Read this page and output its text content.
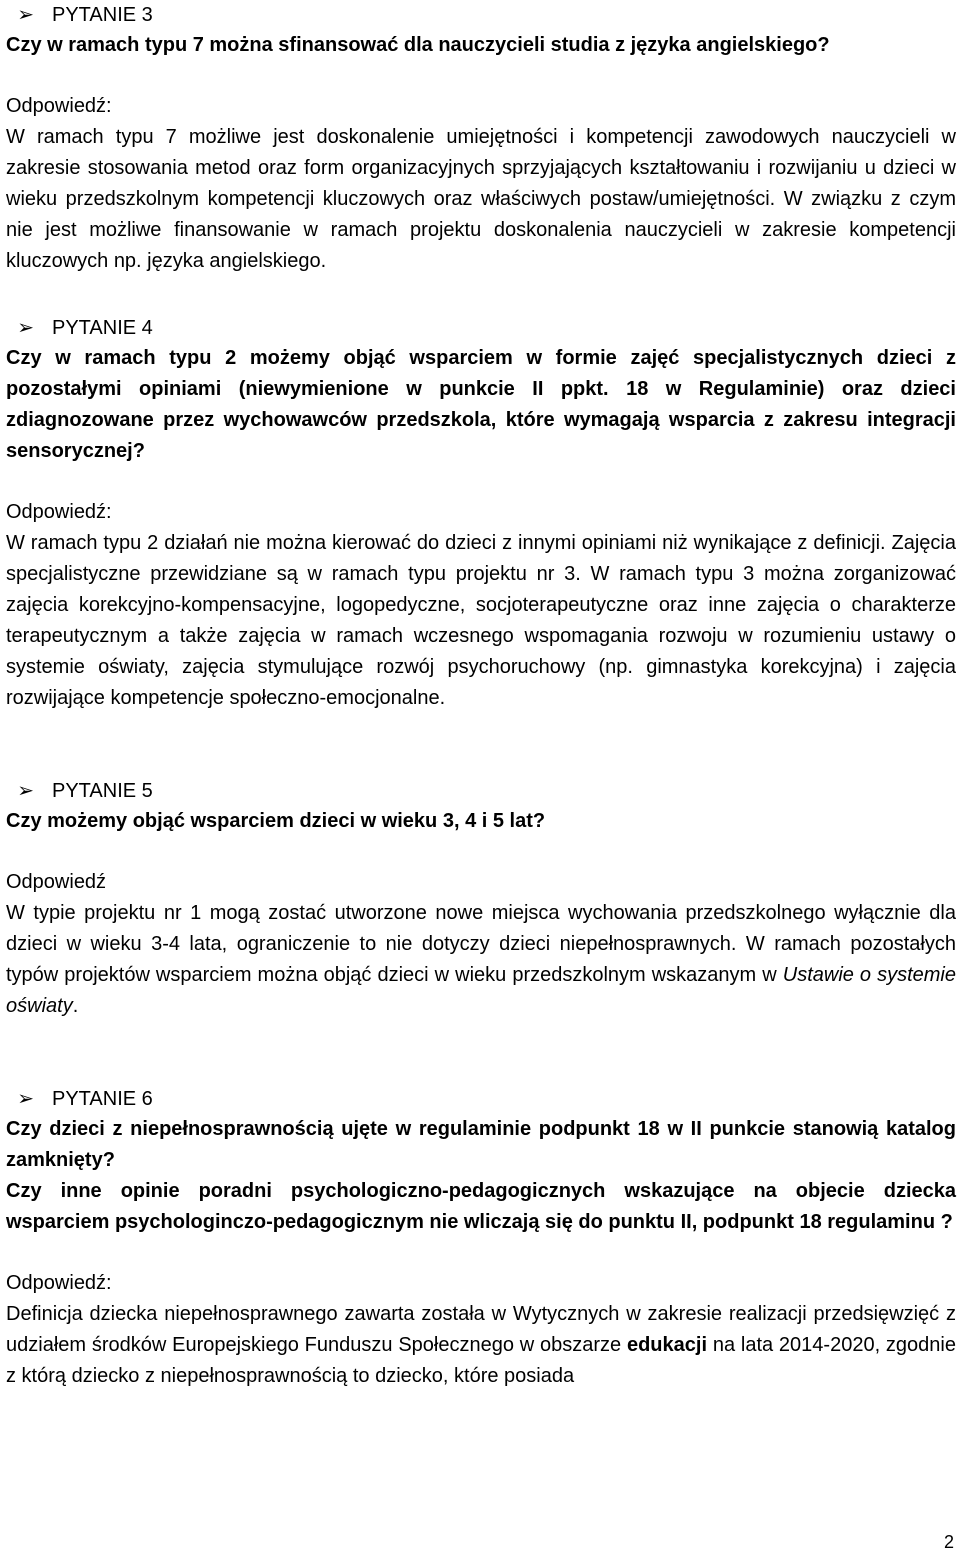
➢ PYTANIE 3
Czy w ramach typu 7 można sfinansować dla nauczycieli studia z języka angielskiego?
Odpowiedź:
W ramach typu 7 możliwe jest doskonalenie umiejętności i kompetencji zawodowych nauczycieli w zakresie stosowania metod oraz form organizacyjnych sprzyjających kształtowaniu i rozwijaniu u dzieci w wieku przedszkolnym kompetencji kluczowych oraz właściwych postaw/umiejętności. W związku z czym nie jest możliwe finansowanie w ramach projektu doskonalenia nauczycieli w zakresie kompetencji kluczowych np. języka angielskiego.
➢ PYTANIE 4
Czy w ramach typu 2 możemy objąć wsparciem w formie zajęć specjalistycznych dzieci z pozostałymi opiniami (niewymienione w punkcie II ppkt. 18 w Regulaminie) oraz dzieci zdiagnozowane przez wychowawców przedszkola, które wymagają wsparcia z zakresu integracji sensorycznej?
Odpowiedź:
W ramach typu 2 działań nie można kierować do dzieci z innymi opiniami niż wynikające z definicji. Zajęcia specjalistyczne przewidziane są w ramach typu projektu nr 3. W ramach typu 3 można zorganizować zajęcia korekcyjno-kompensacyjne, logopedyczne, socjoterapeutyczne oraz inne zajęcia o charakterze terapeutycznym a także zajęcia w ramach wczesnego wspomagania rozwoju w rozumieniu ustawy o systemie oświaty, zajęcia stymulujące rozwój psychoruchowy (np. gimnastyka korekcyjna) i zajęcia rozwijające kompetencje społeczno-emocjonalne.
➢ PYTANIE 5
Czy możemy objąć wsparciem dzieci w wieku 3, 4 i 5 lat?
Odpowiedź
W typie projektu nr 1 mogą zostać utworzone nowe miejsca wychowania przedszkolnego wyłącznie dla dzieci w wieku 3-4 lata, ograniczenie to nie dotyczy dzieci niepełnosprawnych. W ramach pozostałych typów projektów wsparciem można objąć dzieci w wieku przedszkolnym wskazanym w Ustawie o systemie oświaty.
➢ PYTANIE 6
Czy dzieci z niepełnosprawnością ujęte w regulaminie podpunkt 18 w II punkcie stanowią katalog zamknięty?
Czy inne opinie poradni psychologiczno-pedagogicznych wskazujące na objecie dziecka wsparciem psychologinczo-pedagogicznym nie wliczają się do punktu II, podpunkt 18 regulaminu ?
Odpowiedź:
Definicja dziecka niepełnosprawnego zawarta została w Wytycznych w zakresie realizacji przedsięwzięć z udziałem środków Europejskiego Funduszu Społecznego w obszarze edukacji na lata 2014-2020, zgodnie z którą dziecko z niepełnosprawnością to dziecko, które posiada
2
